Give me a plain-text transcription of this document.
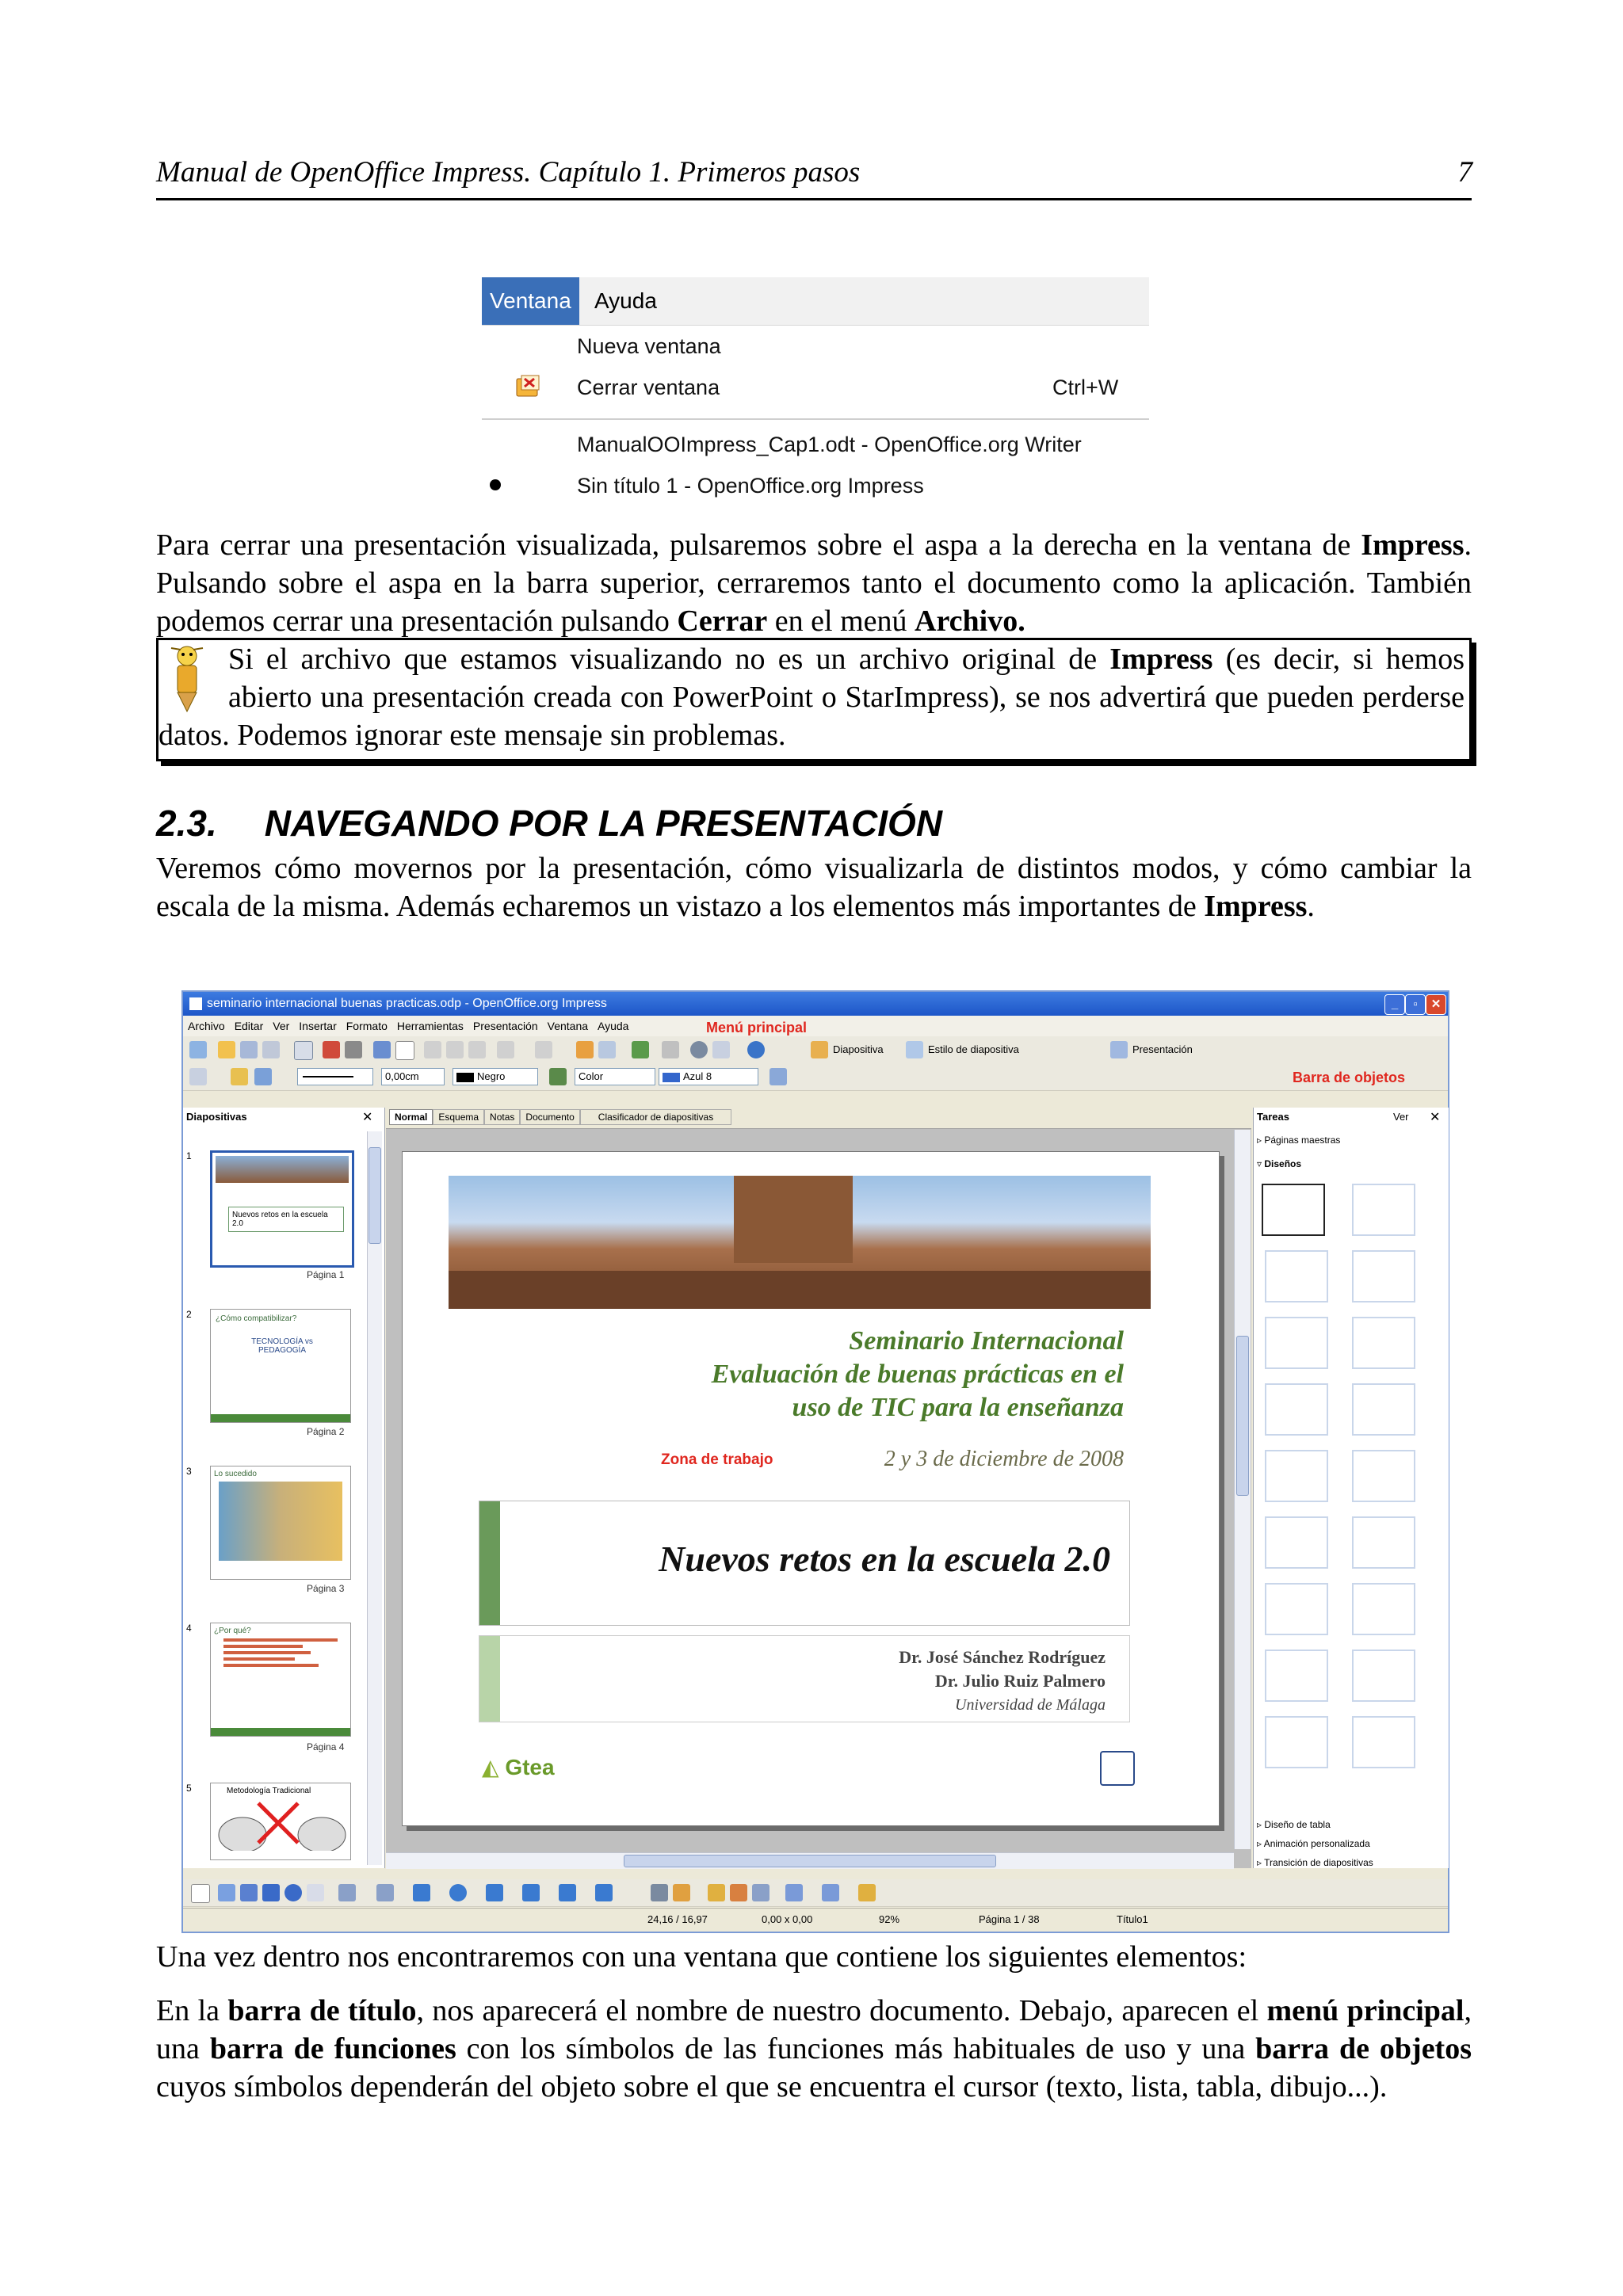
Manual de OpenOffice Impress. Capítulo 1. Primeros pasos	7
Ventana	Ayuda
Nueva ventana
Cerrar ventana	Ctrl+W
ManualOOImpress_Cap1.odt - OpenOffice.org Writer
Sin título 1 - OpenOffice.org Impress
Para cerrar una presentación visualizada, pulsaremos sobre el aspa a la derecha en la ventana de Impress. Pulsando sobre el aspa en la barra superior, cerraremos tanto el documento como la aplicación. También podemos cerrar una presentación pulsando Cerrar en el menú Archivo.
Si el archivo que estamos visualizando no es un archivo original de Impress (es decir, si hemos abierto una presentación creada con PowerPoint o StarImpress), se nos advertirá que pueden perderse datos. Podemos ignorar este mensaje sin problemas.
2.3. NAVEGANDO POR LA PRESENTACIÓN
Veremos cómo movernos por la presentación, cómo visualizarla de distintos modos, y cómo cambiar la escala de la misma. Además echaremos un vistazo a los elementos más importantes de Impress.
seminario internacional buenas practicas.odp - OpenOffice.org Impress	_	▫	✕
Archivo Editar Ver Insertar Formato Herramientas Presentación Ventana Ayuda	Menú principal
Diapositiva	Estilo de diapositiva	Presentación
0,00cm	Negro	Color	Azul 8	Barra de objetos
Diapositivas	✕
1
Nuevos retos en la escuela 2.0
Página 1
2	¿Cómo compatibilizar?
TECNOLOGÍA vs PEDAGOGÍA
Página 2
3	Lo sucedido
Página 3
4	¿Por qué?
Página 4
5	Metodología Tradicional
Normal Esquema Notas Documento	Clasificador de diapositivas
Seminario Internacional
Evaluación de buenas prácticas en el
uso de TIC para la enseñanza
Zona de trabajo	2 y 3 de diciembre de 2008
Nuevos retos en la escuela 2.0
Dr. José Sánchez Rodríguez
Dr. Julio Ruiz Palmero
Universidad de Málaga
◭ Gtea
Tareas	Ver ✕
▹ Páginas maestras
▿ Diseños
▹ Diseño de tabla
▹ Animación personalizada
▹ Transición de diapositivas
24,16 / 16,97	0,00 x 0,00	92%	Página 1 / 38	Título1
Una vez dentro nos encontraremos con una ventana que contiene los siguientes elementos:
En la barra de título, nos aparecerá el nombre de nuestro documento. Debajo, aparecen el menú principal, una barra de funciones con los símbolos de las funciones más habituales de uso y una barra de objetos cuyos símbolos dependerán del objeto sobre el que se encuentra el cursor (texto, lista, tabla, dibujo...).
